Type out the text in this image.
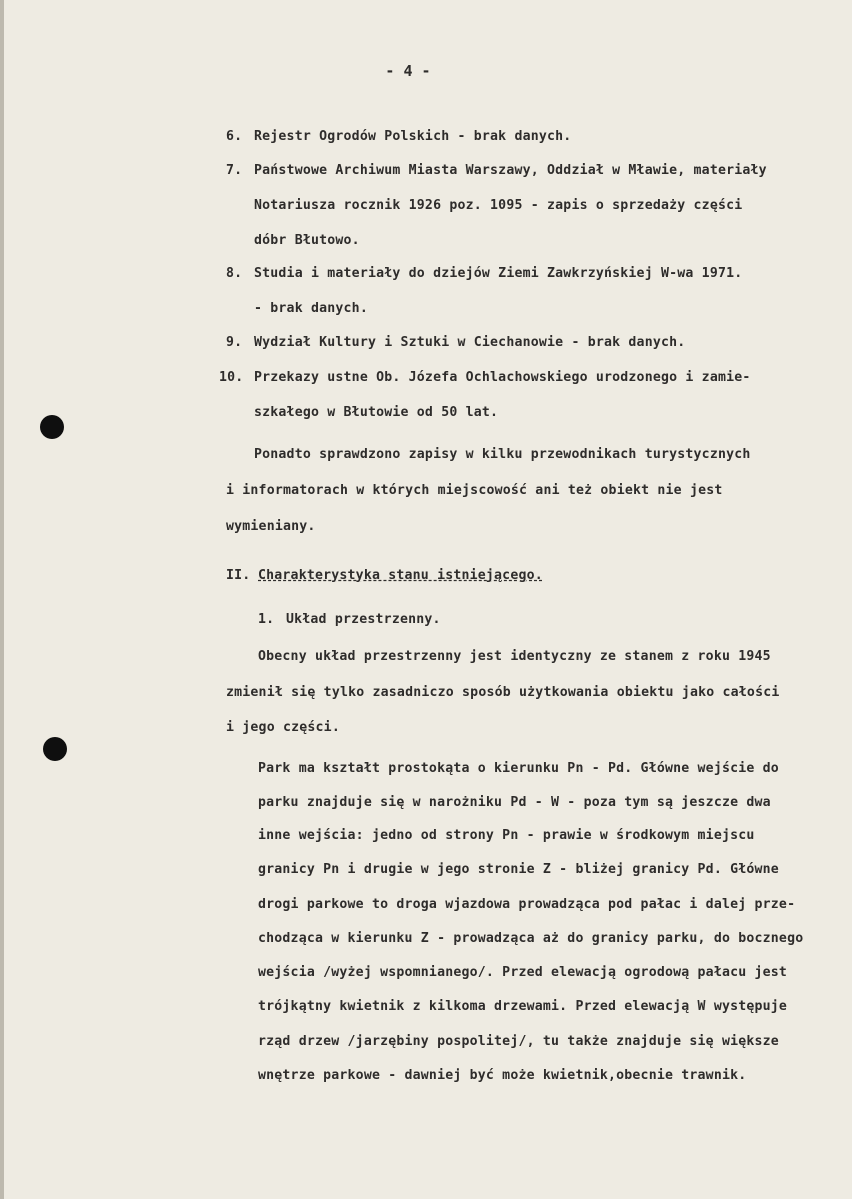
- 4 -
6. Rejestr Ogrodów Polskich - brak danych.
7. Państwowe Archiwum Miasta Warszawy, Oddział w Mławie, materiały
Notariusza rocznik 1926 poz. 1095 - zapis o sprzedaży części
dóbr Błutowo.
8. Studia i materiały do dziejów Ziemi Zawkrzyńskiej W-wa 1971.
- brak danych.
9. Wydział Kultury i Sztuki w Ciechanowie - brak danych.
10. Przekazy ustne Ob. Józefa Ochlachowskiego urodzonego i zamie-
szkałego w Błutowie od 50 lat.
Ponadto sprawdzono zapisy w kilku przewodnikach turystycznych
i informatorach w których miejscowość ani też obiekt nie jest
wymieniany.
II. Charakterystyka stanu istniejącego.
1. Układ przestrzenny.
Obecny układ przestrzenny jest identyczny ze stanem z roku 1945
zmienił się tylko zasadniczo sposób użytkowania obiektu jako całości
i jego części.
Park ma kształt prostokąta o kierunku Pn - Pd. Główne wejście do
parku znajduje się w narożniku Pd - W - poza tym są jeszcze dwa
inne wejścia: jedno od strony Pn - prawie w środkowym miejscu
granicy Pn i drugie w jego stronie Z - bliżej granicy Pd. Główne
drogi parkowe to droga wjazdowa prowadząca pod pałac i dalej prze-
chodząca w kierunku Z - prowadząca aż do granicy parku, do bocznego
wejścia /wyżej wspomnianego/. Przed elewacją ogrodową pałacu jest
trójkątny kwietnik z kilkoma drzewami. Przed elewacją W występuje
rząd drzew /jarzębiny pospolitej/, tu także znajduje się większe
wnętrze parkowe - dawniej być może kwietnik,obecnie trawnik.
